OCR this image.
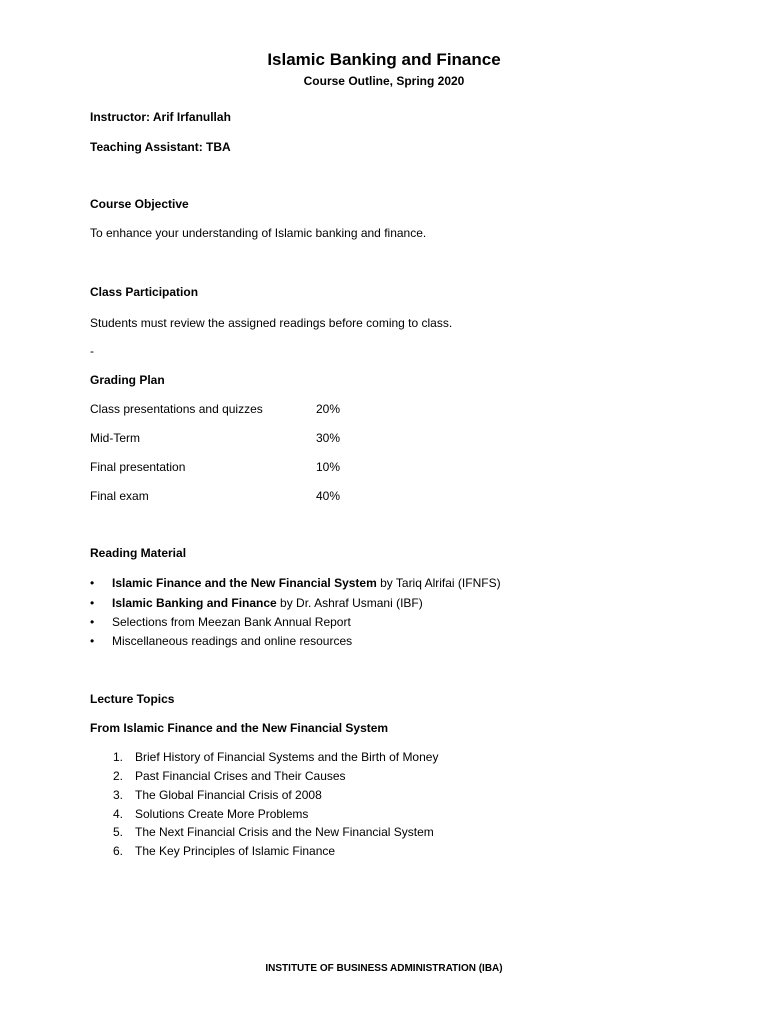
Islamic Banking and Finance
Course Outline, Spring 2020
Instructor: Arif Irfanullah
Teaching Assistant: TBA
Course Objective
To enhance your understanding of Islamic banking and finance.
Class Participation
Students must review the assigned readings before coming to class.
-
Grading Plan
Class presentations and quizzes	20%
Mid-Term	30%
Final presentation	10%
Final exam	40%
Reading Material
• Islamic Finance and the New Financial System by Tariq Alrifai (IFNFS)
• Islamic Banking and Finance by Dr. Ashraf Usmani (IBF)
• Selections from Meezan Bank Annual Report
• Miscellaneous readings and online resources
Lecture Topics
From Islamic Finance and the New Financial System
1. Brief History of Financial Systems and the Birth of Money
2. Past Financial Crises and Their Causes
3. The Global Financial Crisis of 2008
4. Solutions Create More Problems
5. The Next Financial Crisis and the New Financial System
6. The Key Principles of Islamic Finance
INSTITUTE OF BUSINESS ADMINISTRATION (IBA)
